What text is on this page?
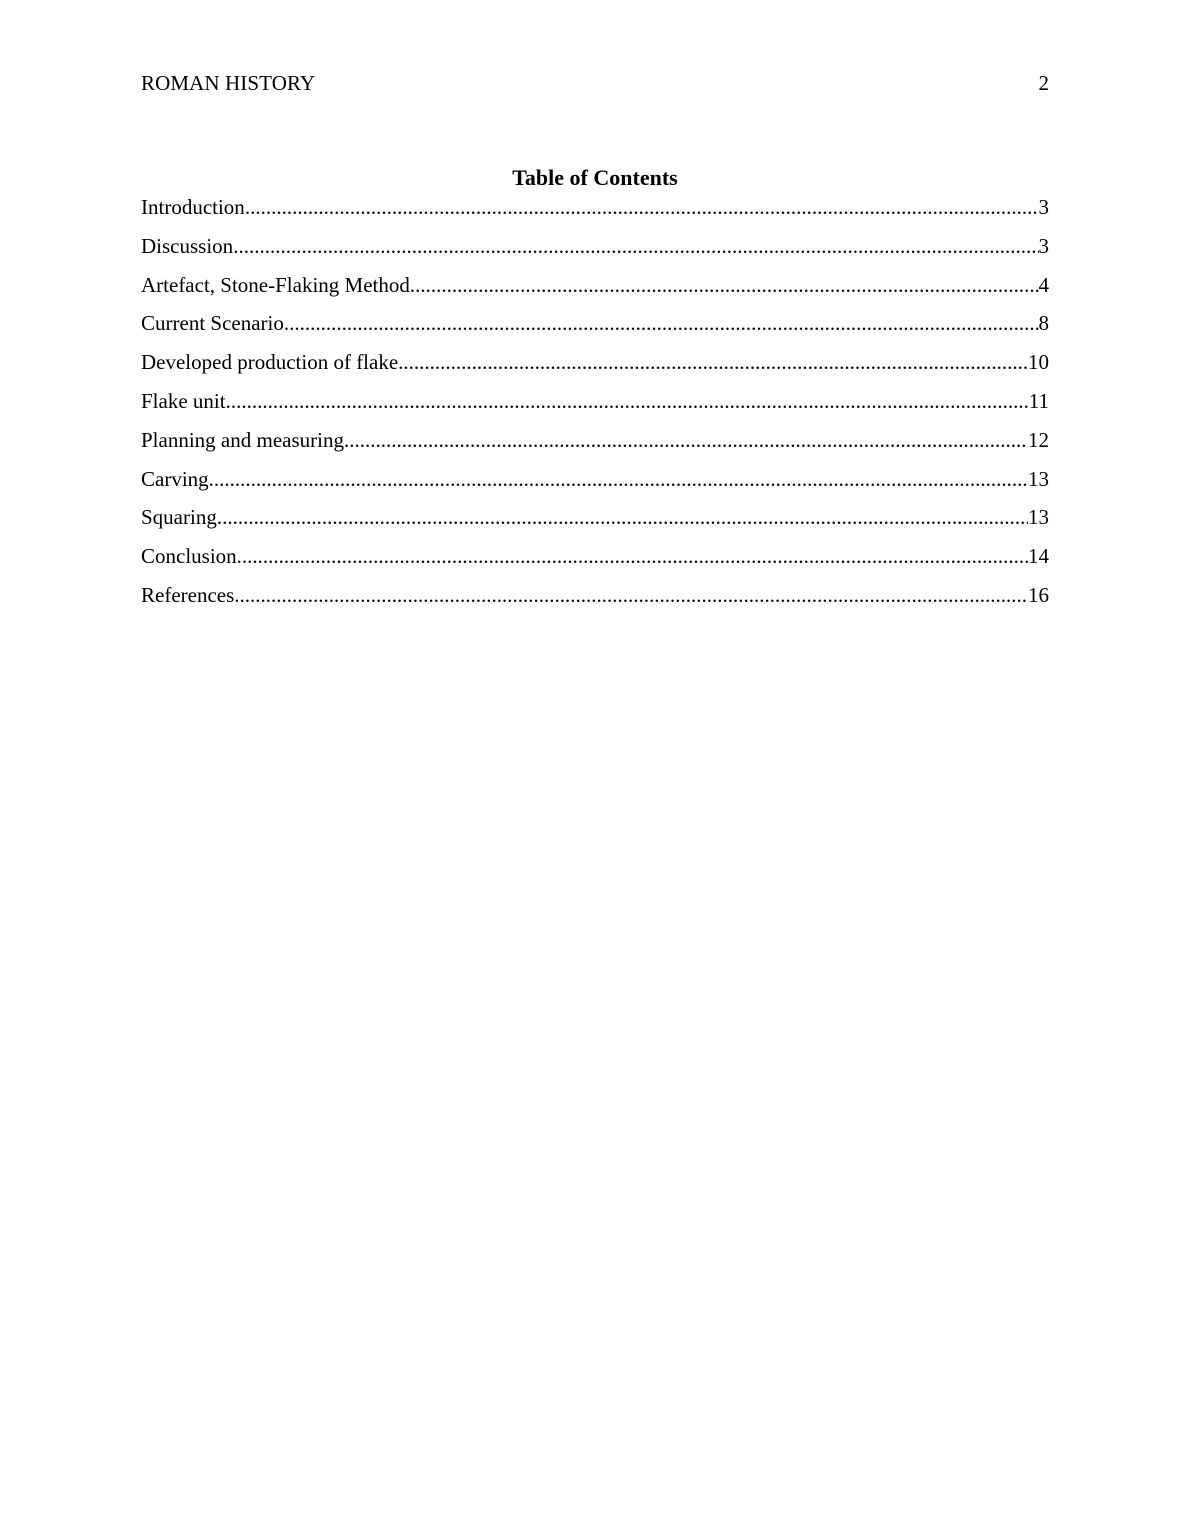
ROMAN HISTORY	2
Table of Contents
Introduction .....	3
Discussion .....	3
Artefact, Stone-Flaking Method .....	4
Current Scenario .....	8
Developed production of flake .....	10
Flake unit .....	11
Planning and measuring .....	12
Carving .....	13
Squaring .....	13
Conclusion .....	14
References .....	16
